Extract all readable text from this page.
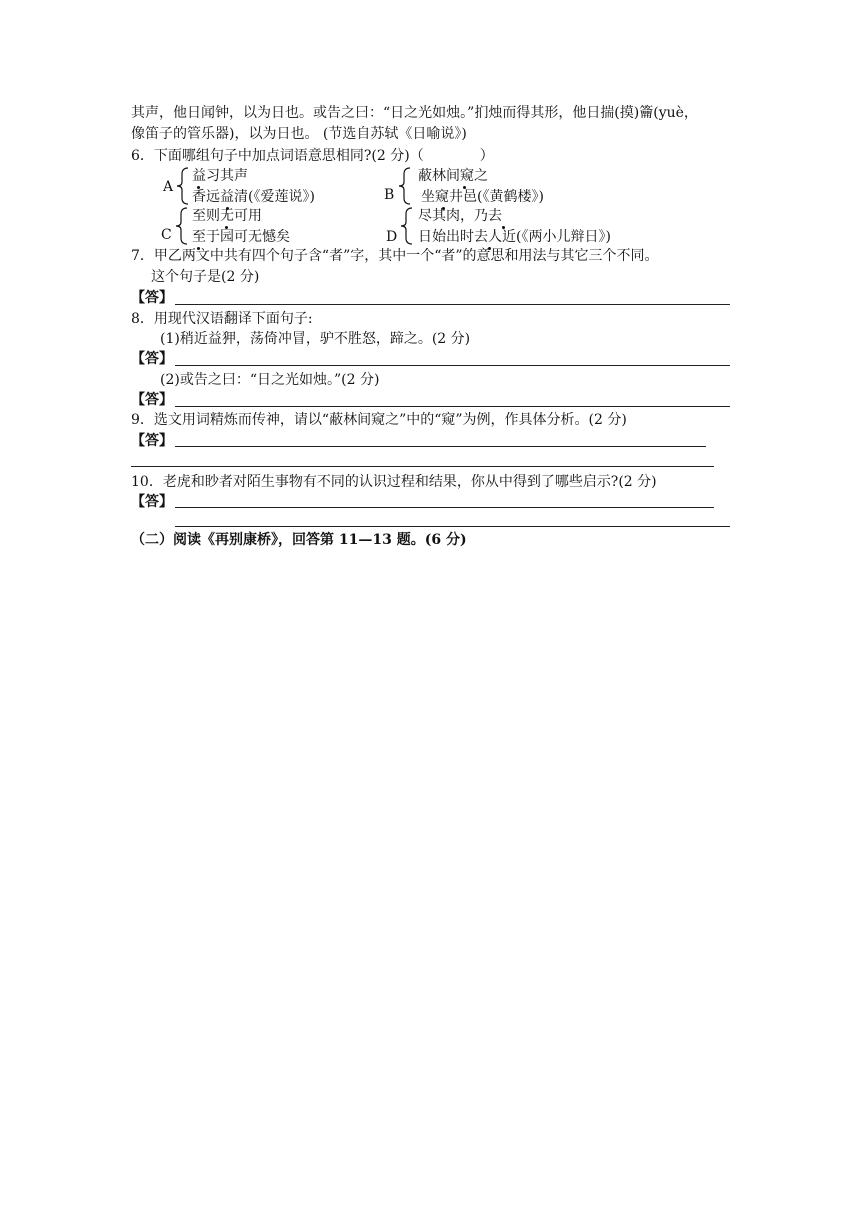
其声，他日闻钟，以为日也。或告之曰：“日之光如烛。”扪烛而得其形，他日揣(摸)籥(yuè，
像笛子的管乐器)，以为日也。 (节选自苏轼《日喻说》)
6．下面哪组句子中加点词语意思相同?(2 分)（　　　　）
A
益习其声
香远益清(《爱莲说》)	B
蔽林间窥之
坐窥井邑(《黄鹤楼》)
C
至则无可用
至于园可无憾矣	D
尽其肉，乃去
日始出时去人近(《两小儿辩日》)
7．甲乙两文中共有四个句子含“者”字，其中一个“者”的意思和用法与其它三个不同。
这个句子是(2 分)
【答】
8．用现代汉语翻译下面句子:
(1)稍近益狎，荡倚冲冒，驴不胜怒，蹄之。(2 分)
【答】
(2)或告之曰：“日之光如烛。”(2 分)
【答】
9．选文用词精炼而传神，请以“蔽林间窥之”中的“窥”为例，作具体分析。(2 分)
【答】
10．老虎和眇者对陌生事物有不同的认识过程和结果，你从中得到了哪些启示?(2 分)
【答】
（二）阅读《再别康桥》，回答第 11—13 题。(6 分)
